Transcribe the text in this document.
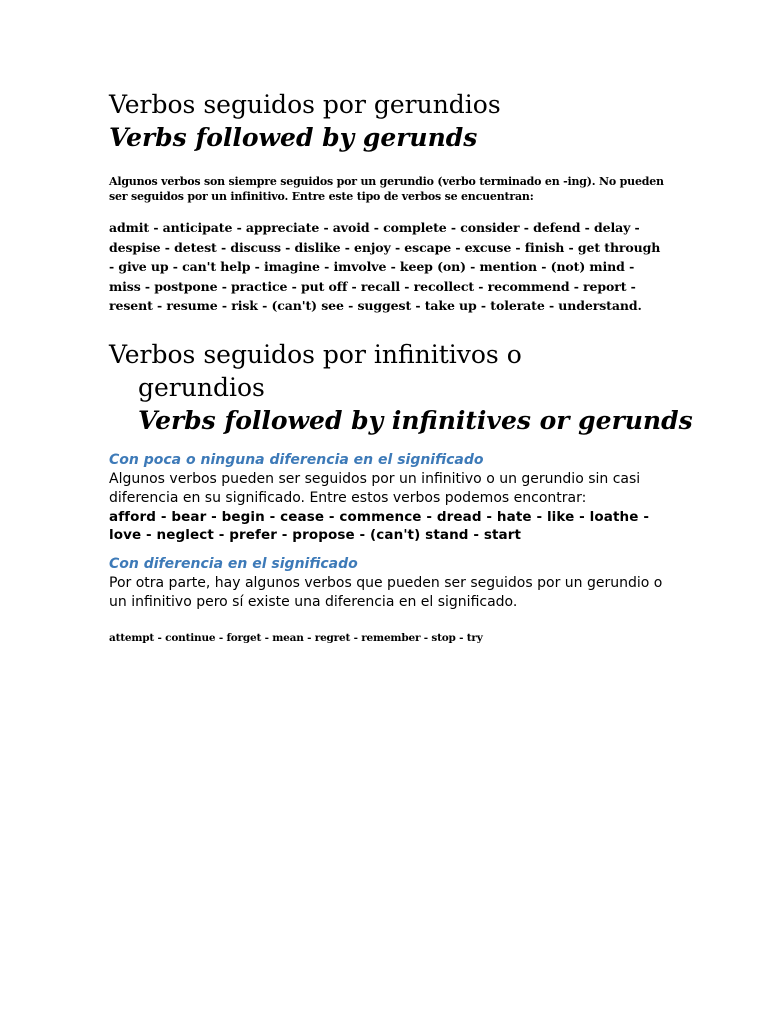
Verbos seguidos por gerundios
Verbs followed by gerunds

Algunos verbos son siempre seguidos por un gerundio (verbo terminado en -ing). No pueden ser seguidos por un infinitivo. Entre este tipo de verbos se encuentran:

admit - anticipate - appreciate - avoid - complete - consider - defend - delay - despise - detest - discuss - dislike - enjoy - escape - excuse - finish - get through - give up - can't help - imagine - imvolve - keep (on) - mention - (not) mind - miss - postpone - practice - put off - recall - recollect - recommend - report - resent - resume - risk - (can't) see - suggest - take up - tolerate - understand.

Verbos seguidos por infinitivos o
gerundios
Verbs followed by infinitives or gerunds
Con poca o ninguna diferencia en el significado

Algunos verbos pueden ser seguidos por un infinitivo o un gerundio sin casi diferencia en su significado. Entre estos verbos podemos encontrar:

afford - bear - begin - cease - commence - dread - hate - like - loathe - love - neglect - prefer - propose - (can't) stand - start

Con diferencia en el significado

Por otra parte, hay algunos verbos que pueden ser seguidos por un gerundio o un infinitivo pero sí existe una diferencia en el significado.

attempt - continue - forget - mean - regret - remember - stop - try
